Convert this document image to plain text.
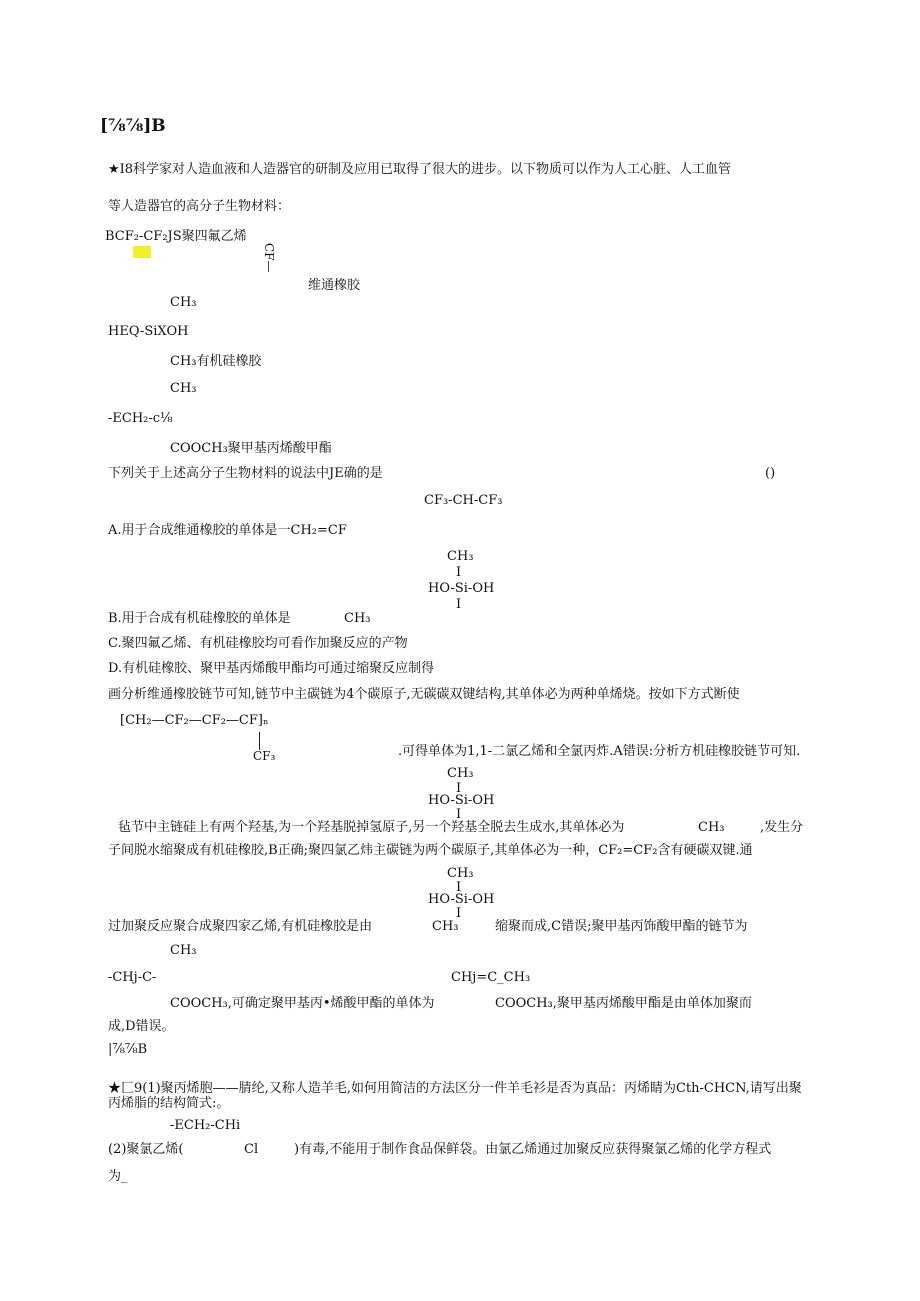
[⅞⅞]B
★I8科学家对人造血液和人造器官的研制及应用已取得了很大的进步。以下物质可以作为人工心脏、人工血管
等人造器官的高分子生物材料：
BCF₂-CF₂JS聚四氟乙烯
CF—
维通橡胶
CH₃
HEQ-SiXOH
CH₃有机硅橡胶
CH₃
-ECH₂-c⅛
COOCH₃聚甲基丙烯酸甲酯
下列关于上述高分子生物材料的说法中JE确的是	()
CF₃-CH-CF₃
A.用于合成维通橡胶的单体是一CH₂=CF
CH₃
I
HO-Si-OH
I
B.用于合成有机硅橡胶的单体是	CH₃
C.聚四氟乙烯、有机硅橡胶均可看作加聚反应的产物
D.有机硅橡胶、聚甲基丙烯酸甲酯均可通过缩聚反应制得
画分析维通橡胶链节可知,链节中主碳链为4个碳原子,无碳碳双键结构,其单体必为两种单烯烧。按如下方式断使
[CH₂—CF₂—CF₂—CF]ₙ
CF₃	.可得单体为1,1-二氯乙烯和全氯丙炸.A错误:分析方机硅橡胶链节可知.
CH₃
I
HO-Si-OH
I
毡节中主链硅上有两个羟基,为一个羟基脱掉氢原子,另一个羟基全脱去生成水,其单体必为	CH₃	,发生分
子间脱水缩聚成有机硅橡胶,B正确;聚四氯乙炜主碳链为两个碳原子,其单体必为一种，CF₂=CF₂含有硬碳双键.通
CH₃
I
HO-Si-OH
I
过加聚反应聚合成聚四家乙烯,有机硅橡胶是由	CH₃	缩聚而成,C错误;聚甲基丙饰酸甲酯的链节为
CH₃
-CHj-C-	CHj=C_CH₃
COOCH₃,可确定聚甲基丙•烯酸甲酯的单体为	COOCH₃,聚甲基丙烯酸甲酯是由单体加聚而
成,D错误。
|⅞⅞B
★匚9(1)聚丙烯胞——腈纶,又称人造羊毛,如何用简洁的方法区分一件羊毛衫是否为真品：丙烯睛为Cth-CHCN,请写出聚
丙烯脂的结构简式:。
-ECH₂-CHi
(2)聚氯乙烯(	Cl	)有毒,不能用于制作食品保鲜袋。由氯乙烯通过加聚反应获得聚氯乙烯的化学方程式
为_
